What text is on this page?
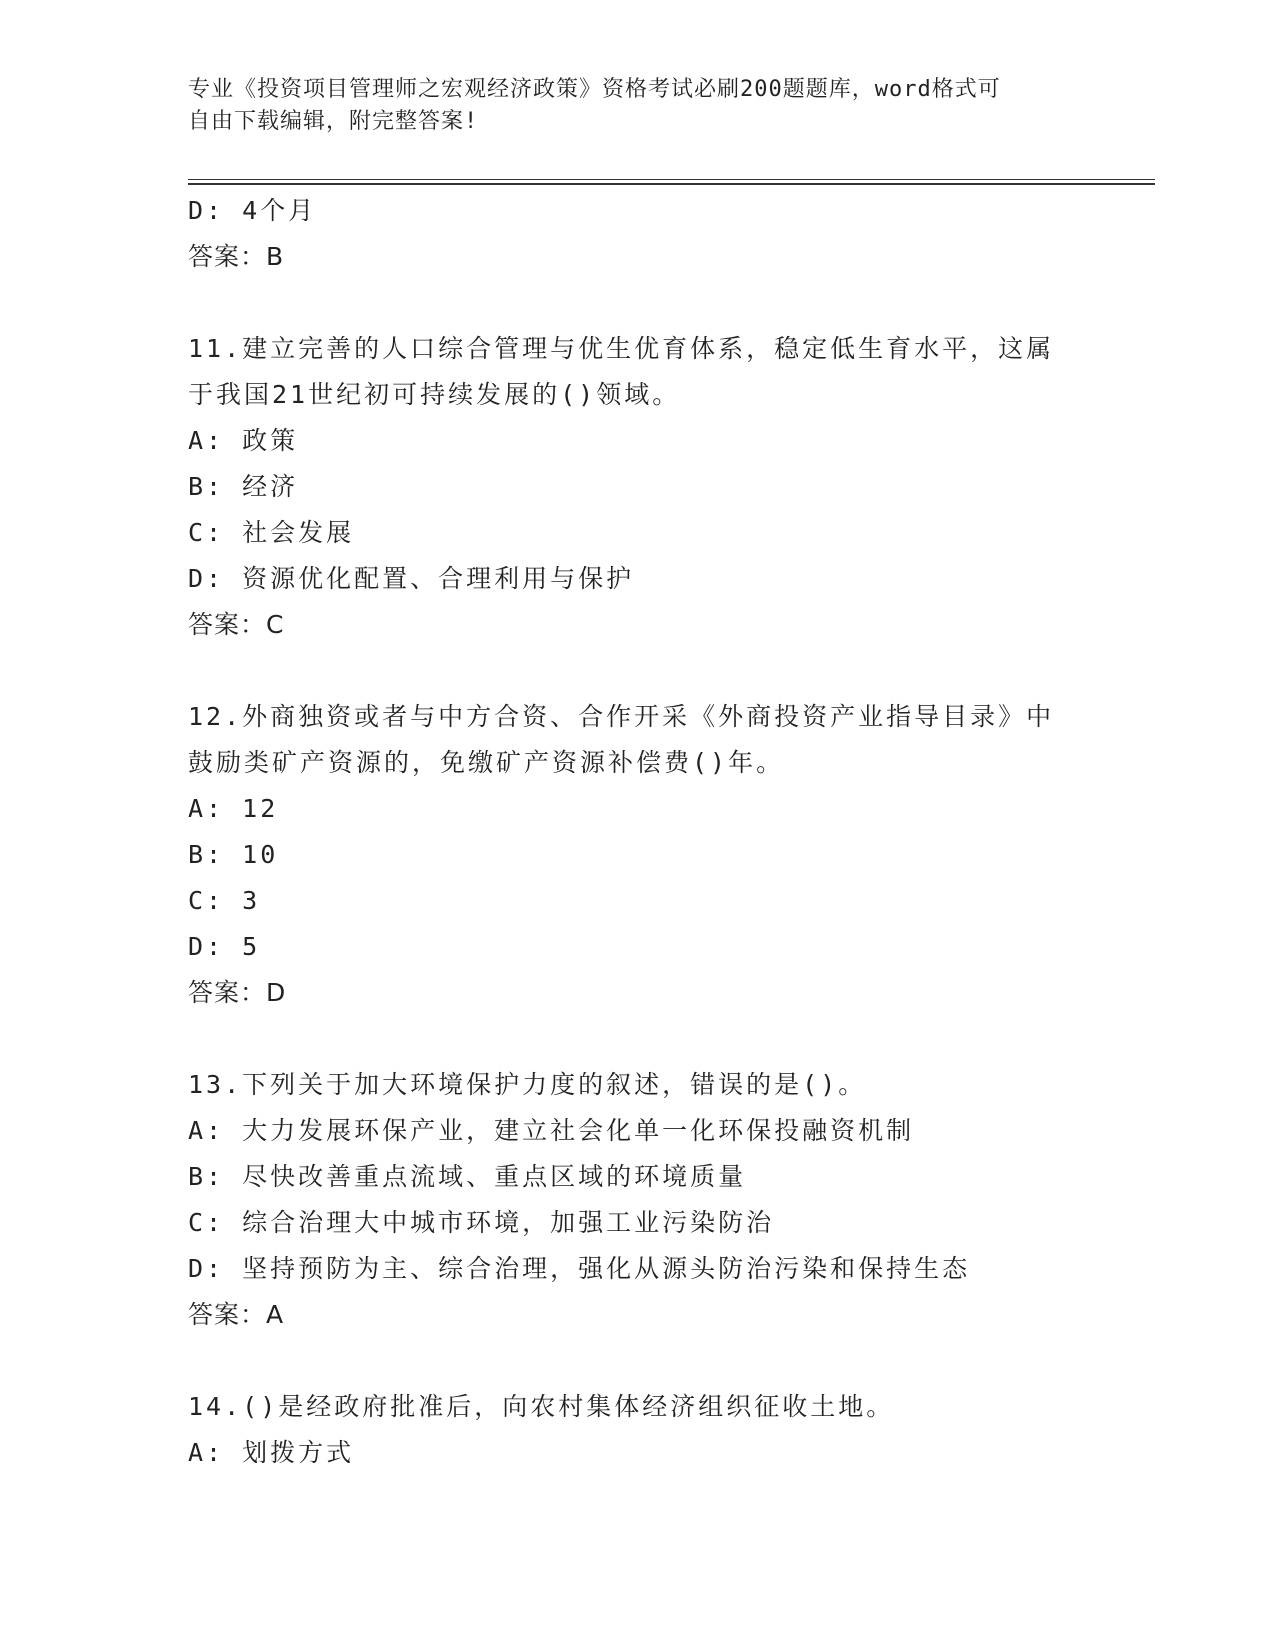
专业《投资项目管理师之宏观经济政策》资格考试必刷200题题库，word格式可
自由下载编辑，附完整答案!
D: 4个月
答案：B
11.建立完善的人口综合管理与优生优育体系，稳定低生育水平，这属
于我国21世纪初可持续发展的()领域。
A: 政策
B: 经济
C: 社会发展
D: 资源优化配置、合理利用与保护
答案：C
12.外商独资或者与中方合资、合作开采《外商投资产业指导目录》中
鼓励类矿产资源的，免缴矿产资源补偿费()年。
A: 12
B: 10
C: 3
D: 5
答案：D
13.下列关于加大环境保护力度的叙述，错误的是()。
A: 大力发展环保产业，建立社会化单一化环保投融资机制
B: 尽快改善重点流域、重点区域的环境质量
C: 综合治理大中城市环境，加强工业污染防治
D: 坚持预防为主、综合治理，强化从源头防治污染和保持生态
答案：A
14.()是经政府批准后，向农村集体经济组织征收土地。
A: 划拨方式
